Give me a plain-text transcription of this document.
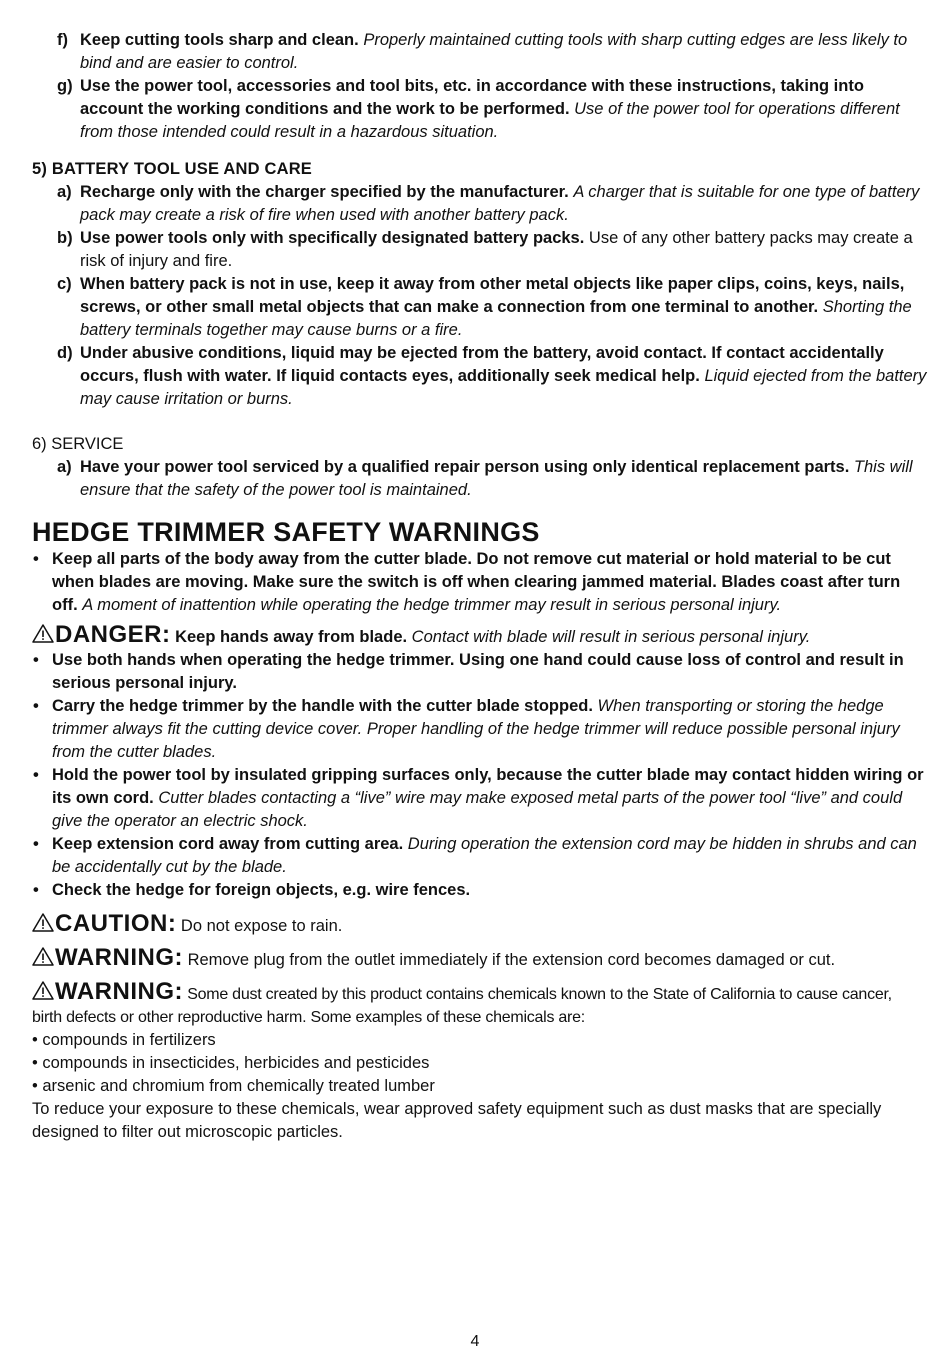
f) Keep cutting tools sharp and clean. Properly maintained cutting tools with sharp cutting edges are less likely to bind and are easier to control.

g) Use the power tool, accessories and tool bits, etc. in accordance with these instructions, taking into account the working conditions and the work to be performed. Use of the power tool for operations different from those intended could result in a hazardous situation.

5) BATTERY TOOL USE AND CARE

a) Recharge only with the charger specified by the manufacturer. A charger that is suitable for one type of battery pack may create a risk of fire when used with another battery pack.

b) Use power tools only with specifically designated battery packs. Use of any other battery packs may create a risk of injury and fire.

c) When battery pack is not in use, keep it away from other metal objects like paper clips, coins, keys, nails, screws, or other small metal objects that can make a connection from one terminal to another. Shorting the battery terminals together may cause burns or a fire.

d) Under abusive conditions, liquid may be ejected from the battery, avoid contact. If contact accidentally occurs, flush with water. If liquid contacts eyes, additionally seek medical help. Liquid ejected from the battery may cause irritation or burns.

6) SERVICE

a) Have your power tool serviced by a qualified repair person using only identical replacement parts. This will ensure that the safety of the power tool is maintained.

HEDGE TRIMMER SAFETY WARNINGS

• Keep all parts of the body away from the cutter blade. Do not remove cut material or hold material to be cut when blades are moving. Make sure the switch is off when clearing jammed material. Blades coast after turn off. A moment of inattention while operating the hedge trimmer may result in serious personal injury.

DANGER: Keep hands away from blade. Contact with blade will result in serious personal injury.

• Use both hands when operating the hedge trimmer. Using one hand could cause loss of control and result in serious personal injury.

• Carry the hedge trimmer by the handle with the cutter blade stopped. When transporting or storing the hedge trimmer always fit the cutting device cover. Proper handling of the hedge trimmer will reduce possible personal injury from the cutter blades.

• Hold the power tool by insulated gripping surfaces only, because the cutter blade may contact hidden wiring or its own cord. Cutter blades contacting a “live” wire may make exposed metal parts of the power tool “live” and could give the operator an electric shock.

• Keep extension cord away from cutting area. During operation the extension cord may be hidden in shrubs and can be accidentally cut by the blade.

• Check the hedge for foreign objects, e.g. wire fences.

CAUTION: Do not expose to rain.

WARNING: Remove plug from the outlet immediately if the extension cord becomes damaged or cut.

WARNING: Some dust created by this product contains chemicals known to the State of California to cause cancer, birth defects or other reproductive harm. Some examples of these chemicals are:

• compounds in fertilizers

• compounds in insecticides, herbicides and pesticides

• arsenic and chromium from chemically treated lumber

To reduce your exposure to these chemicals, wear approved safety equipment such as dust masks that are specially designed to filter out microscopic particles.

4
